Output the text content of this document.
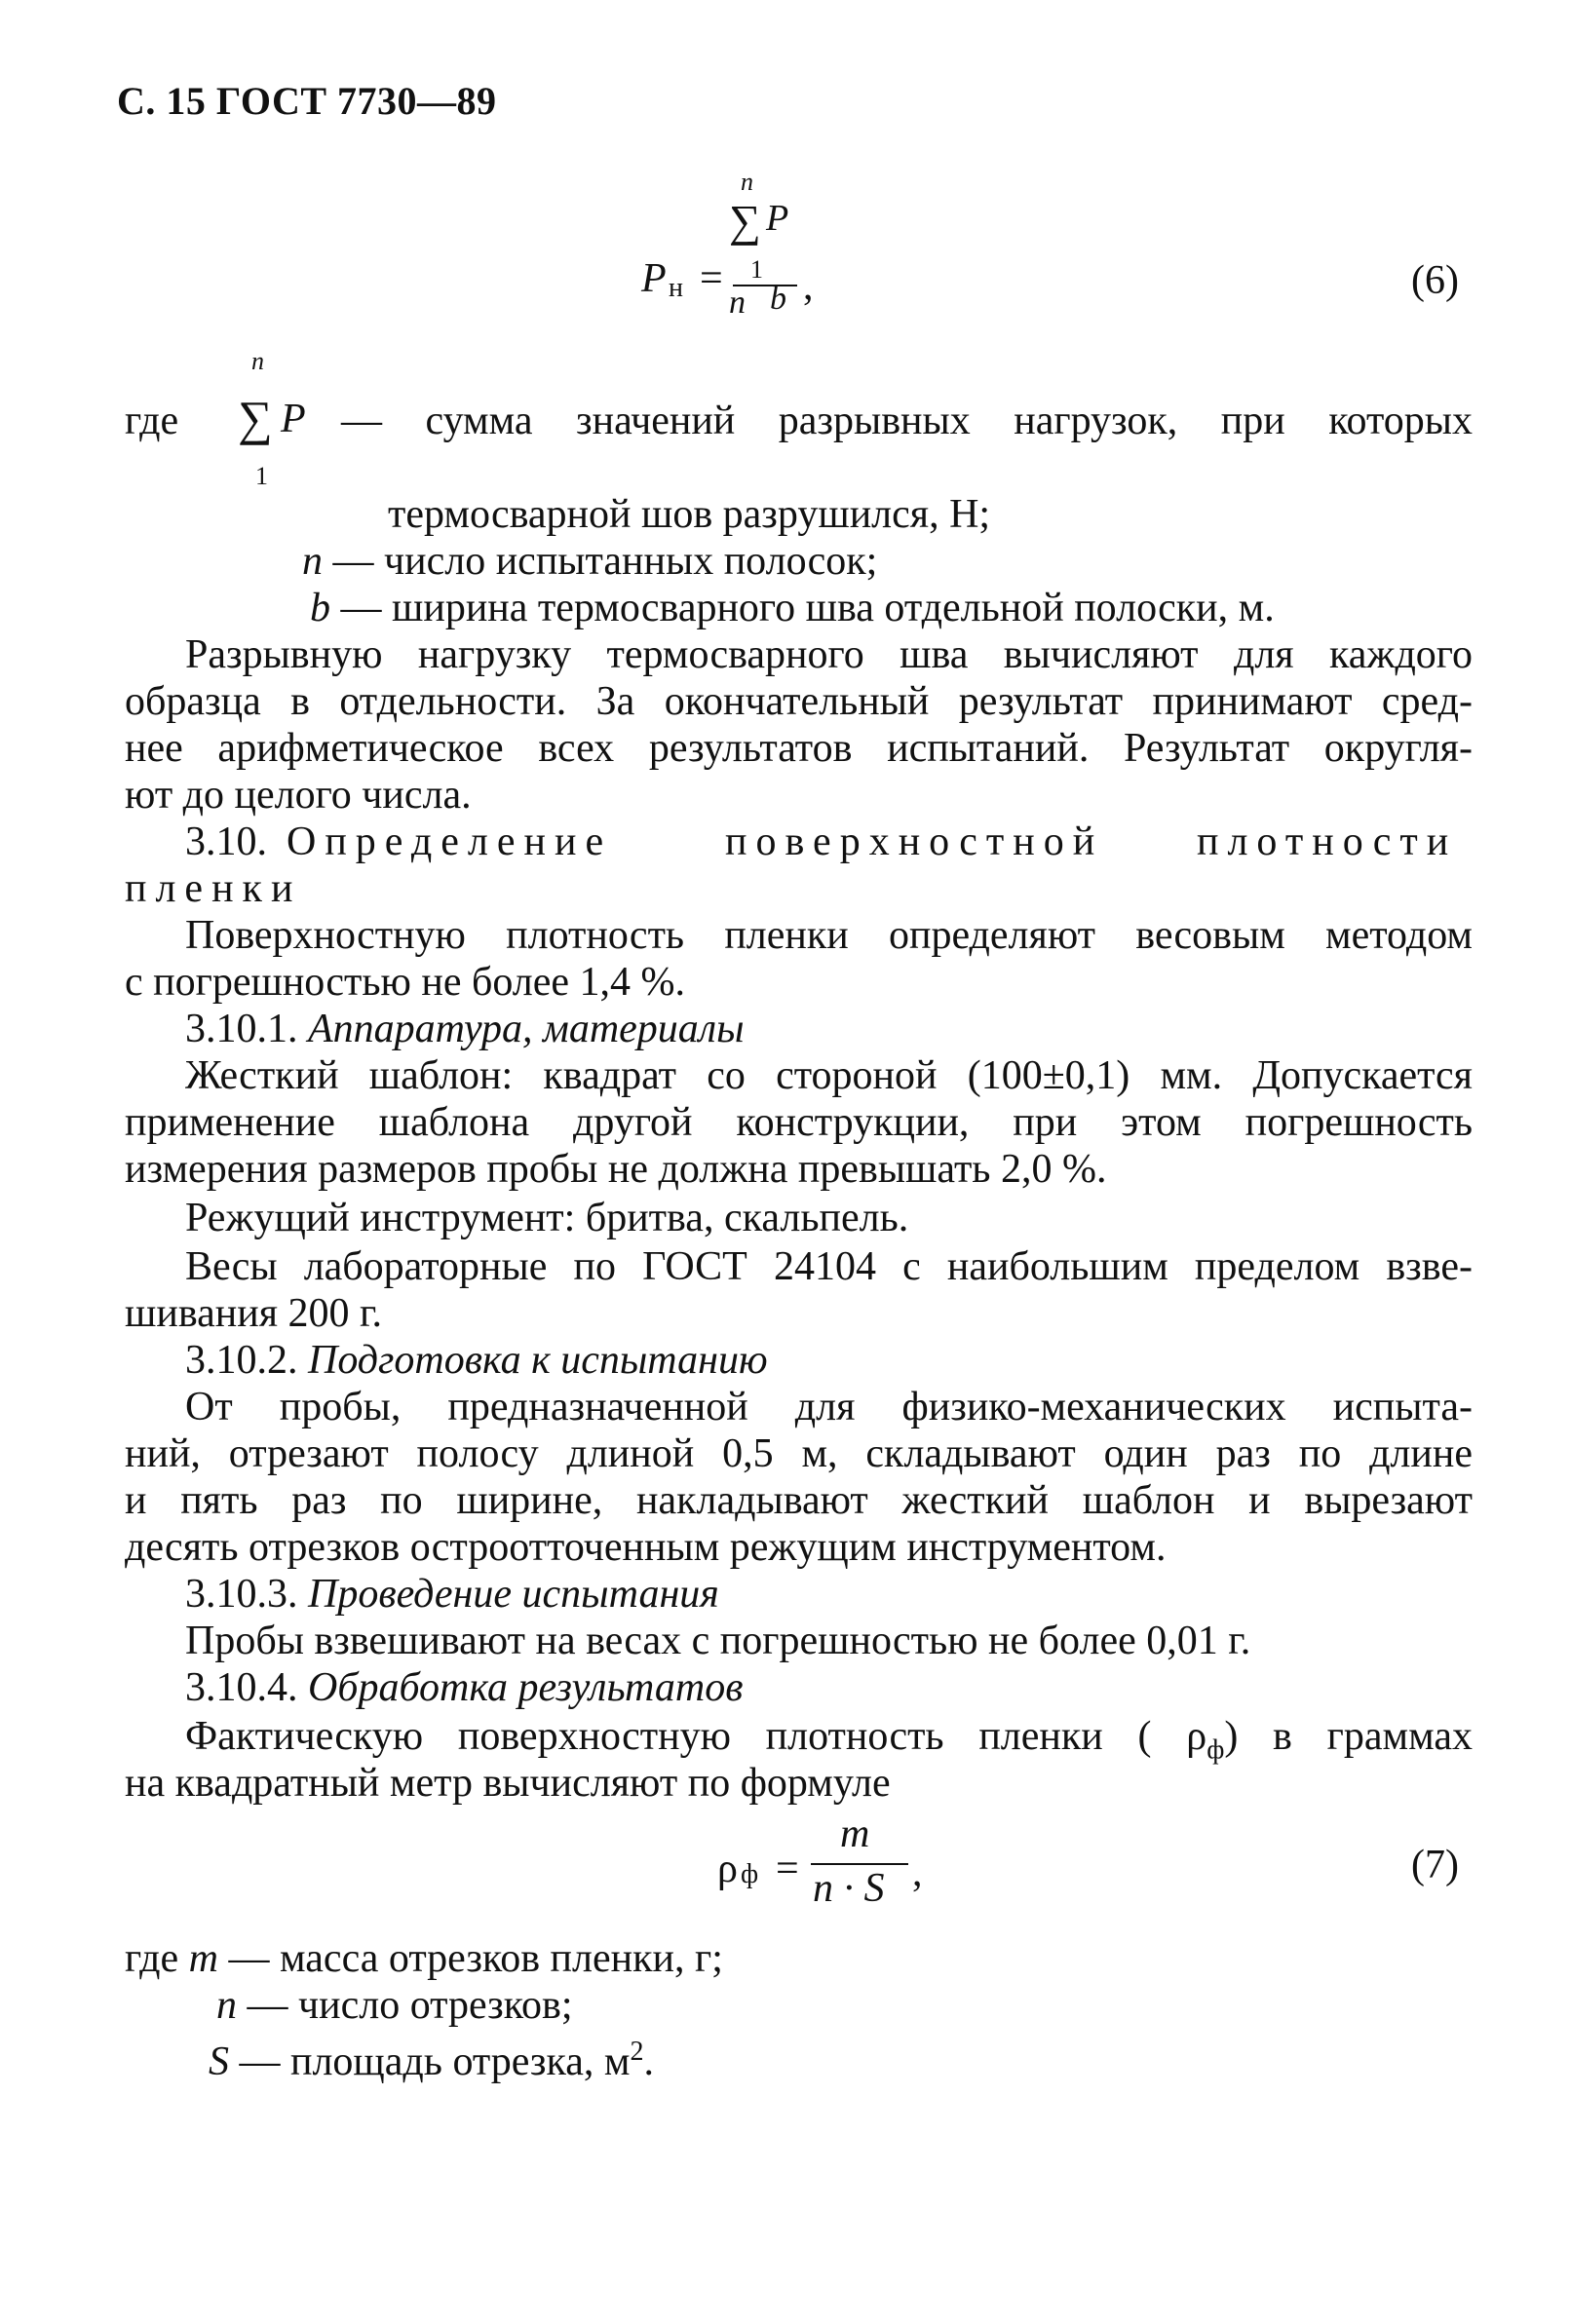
С. 15 ГОСТ 7730—89
n
∑ P
P н = 1
n b ,	(6)
где
n
∑ P
1
— сумма значений разрывных нагрузок, при которых
термосварной шов разрушился, Н;
n — число испытанных полосок;
b — ширина термосварного шва отдельной полоски, м.
Разрывную нагрузку термосварного шва вычисляют для каждого
образца в отдельности. За окончательный результат принимают сред-
нее арифметическое всех результатов испытаний. Результат округля-
ют до целого числа.
3.10. Определение	поверхностной плотности
пленки
Поверхностную плотность пленки определяют весовым методом
с погрешностью не более 1,4 %.
3.10.1. Аппаратура, материалы
Жесткий шаблон: квадрат со стороной (100±0,1) мм. Допускается
применение шаблона другой конструкции, при этом погрешность
измерения размеров пробы не должна превышать 2,0 %.
Режущий инструмент: бритва, скальпель.
Весы лабораторные по ГОСТ 24104 с наибольшим пределом взве-
шивания 200 г.
3.10.2. Подготовка к испытанию
От пробы, предназначенной для физико-механических испыта-
ний, отрезают полосу длиной 0,5 м, складывают один раз по длине
и пять раз по ширине, накладывают жесткий шаблон и вырезают
десять отрезков остроотточенным режущим инструментом.
3.10.3. Проведение испытания
Пробы взвешивают на весах с погрешностью не более 0,01 г.
3.10.4. Обработка результатов
Фактическую поверхностную плотность пленки ( $\rho_ф$) в граммах
на квадратный метр вычисляют по формуле
ρ ф =
m
n · S ,	(7)
где m — масса отрезков пленки, г;
n — число отрезков;
S — площадь отрезка, $м^2$.
